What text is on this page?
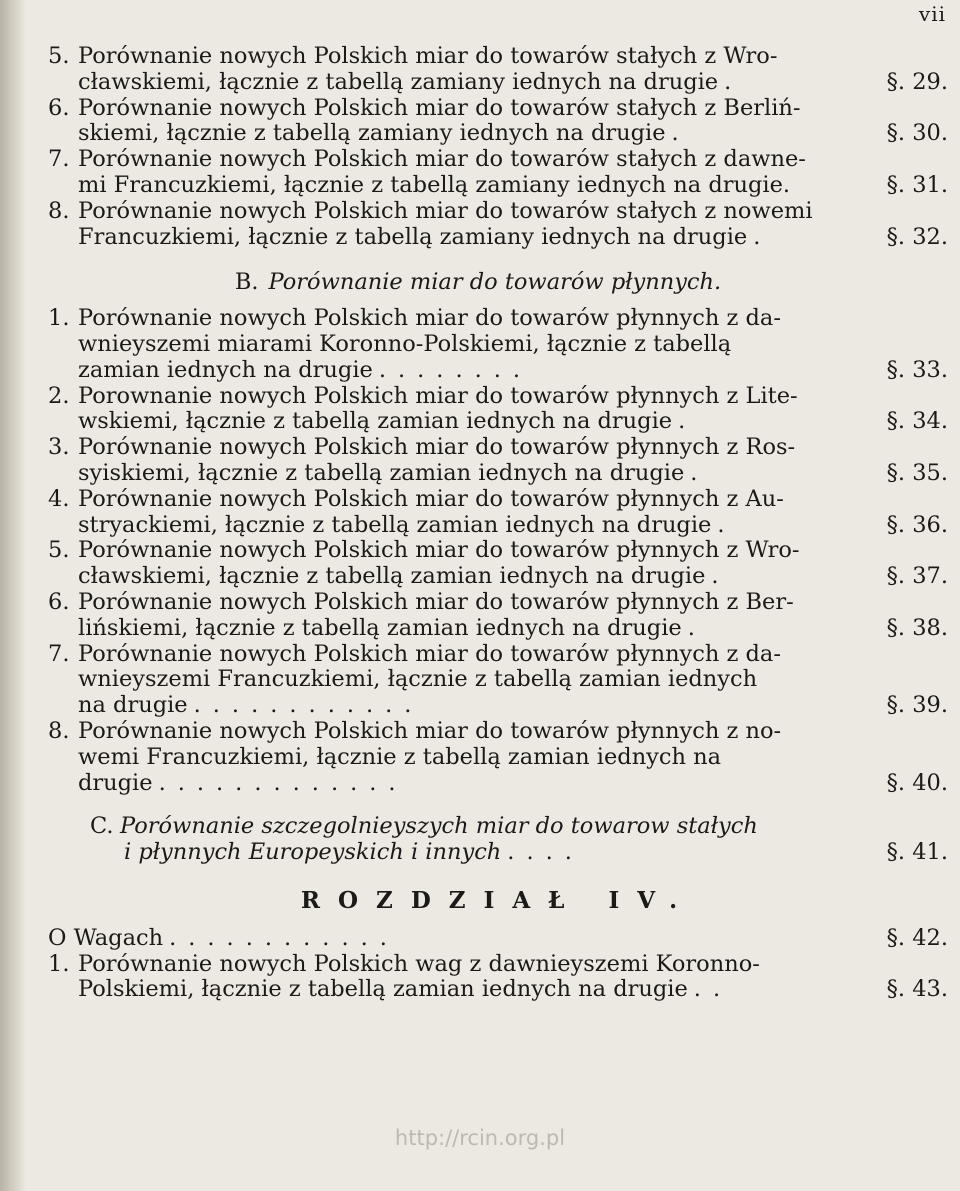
vii
5. Porównanie nowych Polskich miar do towarów stałych z Wro-
cławskiemi, łącznie z tabellą zamiany iednych na drugie .	§. 29.
6. Porównanie nowych Polskich miar do towarów stałych z Berliń-
skiemi, łącznie z tabellą zamiany iednych na drugie .	§. 30.
7. Porównanie nowych Polskich miar do towarów stałych z dawne-
mi Francuzkiemi, łącznie z tabellą zamiany iednych na drugie.	§. 31.
8. Porównanie nowych Polskich miar do towarów stałych z nowemi
Francuzkiemi, łącznie z tabellą zamiany iednych na drugie .	§. 32.
B. Porównanie miar do towarów płynnych.
1. Porównanie nowych Polskich miar do towarów płynnych z da-
wnieyszemi miarami Koronno-Polskiemi, łącznie z tabellą
zamian iednych na drugie ........	§. 33.
2. Porownanie nowych Polskich miar do towarów płynnych z Lite-
wskiemi, łącznie z tabellą zamian iednych na drugie .	§. 34.
3. Porównanie nowych Polskich miar do towarów płynnych z Ros-
syiskiemi, łącznie z tabellą zamian iednych na drugie .	§. 35.
4. Porównanie nowych Polskich miar do towarów płynnych z Au-
stryackiemi, łącznie z tabellą zamian iednych na drugie .	§. 36.
5. Porównanie nowych Polskich miar do towarów płynnych z Wro-
cławskiemi, łącznie z tabellą zamian iednych na drugie .	§. 37.
6. Porównanie nowych Polskich miar do towarów płynnych z Ber-
lińskiemi, łącznie z tabellą zamian iednych na drugie .	§. 38.
7. Porównanie nowych Polskich miar do towarów płynnych z da-
wnieyszemi Francuzkiemi, łącznie z tabellą zamian iednych
na drugie ............	§. 39.
8. Porównanie nowych Polskich miar do towarów płynnych z no-
wemi Francuzkiemi, łącznie z tabellą zamian iednych na
drugie .............	§. 40.
C. Porównanie szczegolnieyszych miar do towarow stałych
i płynnych Europeyskich i innych ....	§. 41.
ROZDZIAŁ IV.
O Wagach ............	§. 42.
1. Porównanie nowych Polskich wag z dawnieyszemi Koronno-
Polskiemi, łącznie z tabellą zamian iednych na drugie ..	§. 43.
http://rcin.org.pl
